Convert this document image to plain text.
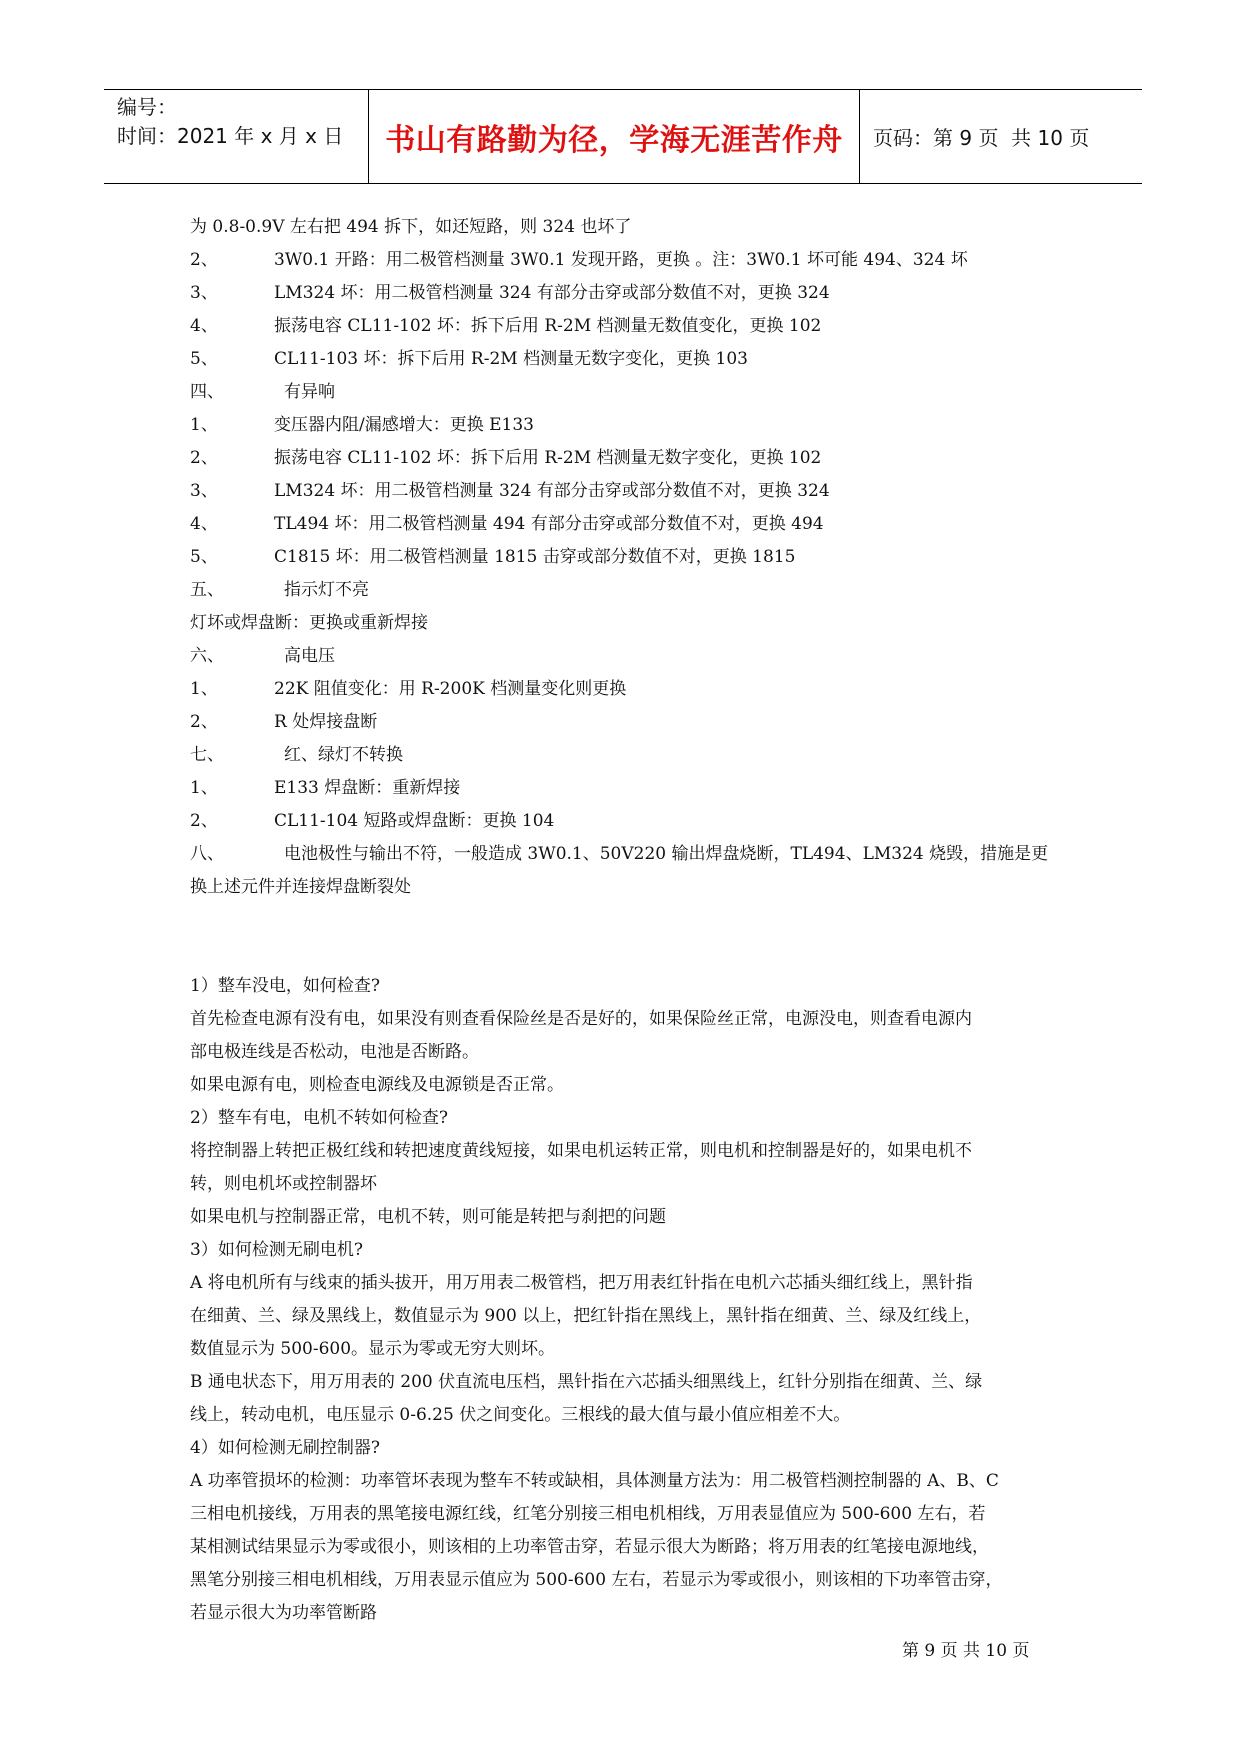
编号：
时间：2021 年 x 月 x 日	书山有路勤为径，学海无涯苦作舟	页码：第 9 页  共 10 页
为 0.8-0.9V 左右把 494 拆下，如还短路，则 324 也坏了
2、	3W0.1 开路：用二极管档测量 3W0.1 发现开路，更换 。注：3W0.1 坏可能 494、324 坏
3、	LM324 坏：用二极管档测量 324 有部分击穿或部分数值不对，更换 324
4、	振荡电容 CL11-102 坏：拆下后用 R-2M 档测量无数值变化，更换 102
5、	CL11-103 坏：拆下后用 R-2M 档测量无数字变化，更换 103
四、	有异响
1、	变压器内阻/漏感增大：更换 E133
2、	振荡电容 CL11-102 坏：拆下后用 R-2M 档测量无数字变化，更换 102
3、	LM324 坏：用二极管档测量 324 有部分击穿或部分数值不对，更换 324
4、	TL494 坏：用二极管档测量 494 有部分击穿或部分数值不对，更换 494
5、	C1815 坏：用二极管档测量 1815 击穿或部分数值不对，更换 1815
五、	指示灯不亮
灯坏或焊盘断：更换或重新焊接
六、	高电压
1、	22K 阻值变化：用 R-200K 档测量变化则更换
2、	R 处焊接盘断
七、	红、绿灯不转换
1、	E133 焊盘断：重新焊接
2、	CL11-104 短路或焊盘断：更换 104
八、	电池极性与输出不符，一般造成 3W0.1、50V220 输出焊盘烧断，TL494、LM324 烧毁，措施是更
换上述元件并连接焊盘断裂处
1）整车没电，如何检查?
首先检查电源有没有电，如果没有则查看保险丝是否是好的，如果保险丝正常，电源没电，则查看电源内
部电极连线是否松动，电池是否断路。
如果电源有电，则检查电源线及电源锁是否正常。
2）整车有电，电机不转如何检查?
将控制器上转把正极红线和转把速度黄线短接，如果电机运转正常，则电机和控制器是好的，如果电机不
转，则电机坏或控制器坏
如果电机与控制器正常，电机不转，则可能是转把与刹把的问题
3）如何检测无刷电机?
A 将电机所有与线束的插头拔开，用万用表二极管档，把万用表红针指在电机六芯插头细红线上，黑针指
在细黄、兰、绿及黑线上，数值显示为 900 以上，把红针指在黑线上，黑针指在细黄、兰、绿及红线上，
数值显示为 500-600。显示为零或无穷大则坏。
B 通电状态下，用万用表的 200 伏直流电压档，黑针指在六芯插头细黑线上，红针分别指在细黄、兰、绿
线上，转动电机，电压显示 0-6.25 伏之间变化。三根线的最大值与最小值应相差不大。
4）如何检测无刷控制器?
A 功率管损坏的检测：功率管坏表现为整车不转或缺相，具体测量方法为：用二极管档测控制器的 A、B、C
三相电机接线，万用表的黑笔接电源红线，红笔分别接三相电机相线，万用表显值应为 500-600 左右，若
某相测试结果显示为零或很小，则该相的上功率管击穿，若显示很大为断路；将万用表的红笔接电源地线，
黑笔分别接三相电机相线，万用表显示值应为 500-600 左右，若显示为零或很小，则该相的下功率管击穿，
若显示很大为功率管断路
第 9 页 共 10 页
